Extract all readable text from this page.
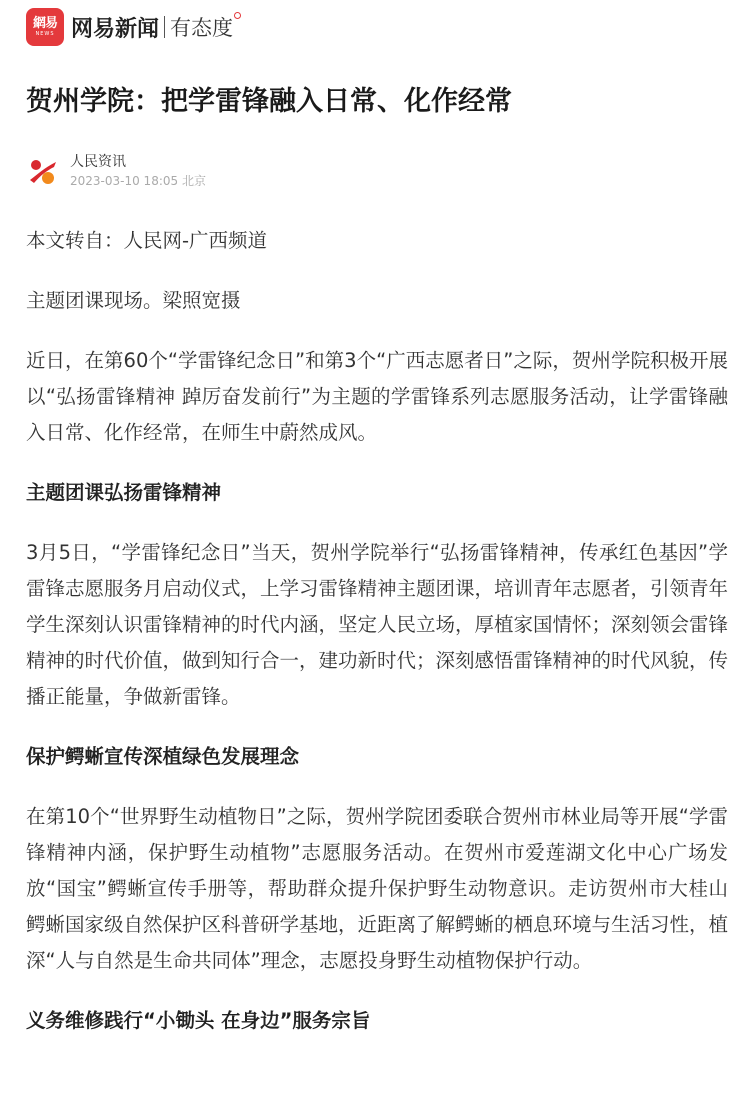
網易
NEWS 网易新闻 有态度
贺州学院：把学雷锋融入日常、化作经常
人民资讯
2023-03-10 18:05 北京

本文转自：人民网-广西频道

主题团课现场。梁照宽摄

近日，在第60个“学雷锋纪念日”和第3个“广西志愿者日”之际，贺州学院积极开展以“弘扬雷锋精神 踔厉奋发前行”为主题的学雷锋系列志愿服务活动，让学雷锋融入日常、化作经常，在师生中蔚然成风。

主题团课弘扬雷锋精神

3月5日，“学雷锋纪念日”当天，贺州学院举行“弘扬雷锋精神，传承红色基因”学雷锋志愿服务月启动仪式，上学习雷锋精神主题团课，培训青年志愿者，引领青年学生深刻认识雷锋精神的时代内涵，坚定人民立场，厚植家国情怀；深刻领会雷锋精神的时代价值，做到知行合一，建功新时代；深刻感悟雷锋精神的时代风貌，传播正能量，争做新雷锋。

保护鳄蜥宣传深植绿色发展理念

在第10个“世界野生动植物日”之际，贺州学院团委联合贺州市林业局等开展“学雷锋精神内涵，保护野生动植物”志愿服务活动。在贺州市爱莲湖文化中心广场发放“国宝”鳄蜥宣传手册等，帮助群众提升保护野生动物意识。走访贺州市大桂山鳄蜥国家级自然保护区科普研学基地，近距离了解鳄蜥的栖息环境与生活习性，植深“人与自然是生命共同体”理念，志愿投身野生动植物保护行动。

义务维修践行“小锄头 在身边”服务宗旨
